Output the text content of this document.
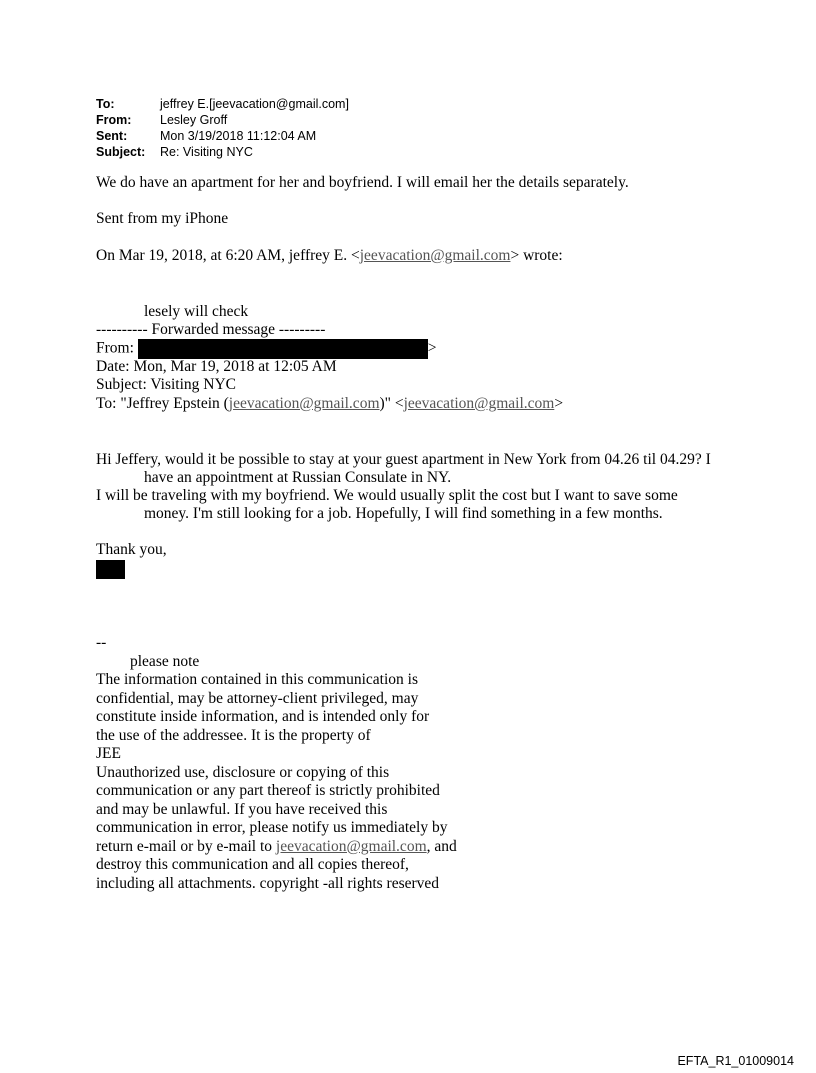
To:	jeffrey E.[jeevacation@gmail.com]
From:	Lesley Groff
Sent:	Mon 3/19/2018 11:12:04 AM
Subject:	Re: Visiting NYC
We do have an apartment for her and boyfriend. I will email her the details separately.
Sent from my iPhone
On Mar 19, 2018, at 6:20 AM, jeffrey E. <jeevacation@gmail.com> wrote:
lesely will check
---------- Forwarded message ---------
From:	>
Date: Mon, Mar 19, 2018 at 12:05 AM
Subject: Visiting NYC
To: "Jeffrey Epstein (jeevacation@gmail.com)" <jeevacation@gmail.com>
Hi Jeffery, would it be possible to stay at your guest apartment in New York from 04.26 til 04.29? I have an appointment at Russian Consulate in NY.
I will be traveling with my boyfriend. We would usually split the cost but I want to save some money. I'm still looking for a job. Hopefully, I will find something in a few months.
Thank you,
--
please note
The information contained in this communication is
confidential, may be attorney-client privileged, may
constitute inside information, and is intended only for
the use of the addressee. It is the property of
JEE
Unauthorized use, disclosure or copying of this
communication or any part thereof is strictly prohibited
and may be unlawful. If you have received this
communication in error, please notify us immediately by
return e-mail or by e-mail to jeevacation@gmail.com, and
destroy this communication and all copies thereof,
including all attachments. copyright -all rights reserved
EFTA_R1_01009014
